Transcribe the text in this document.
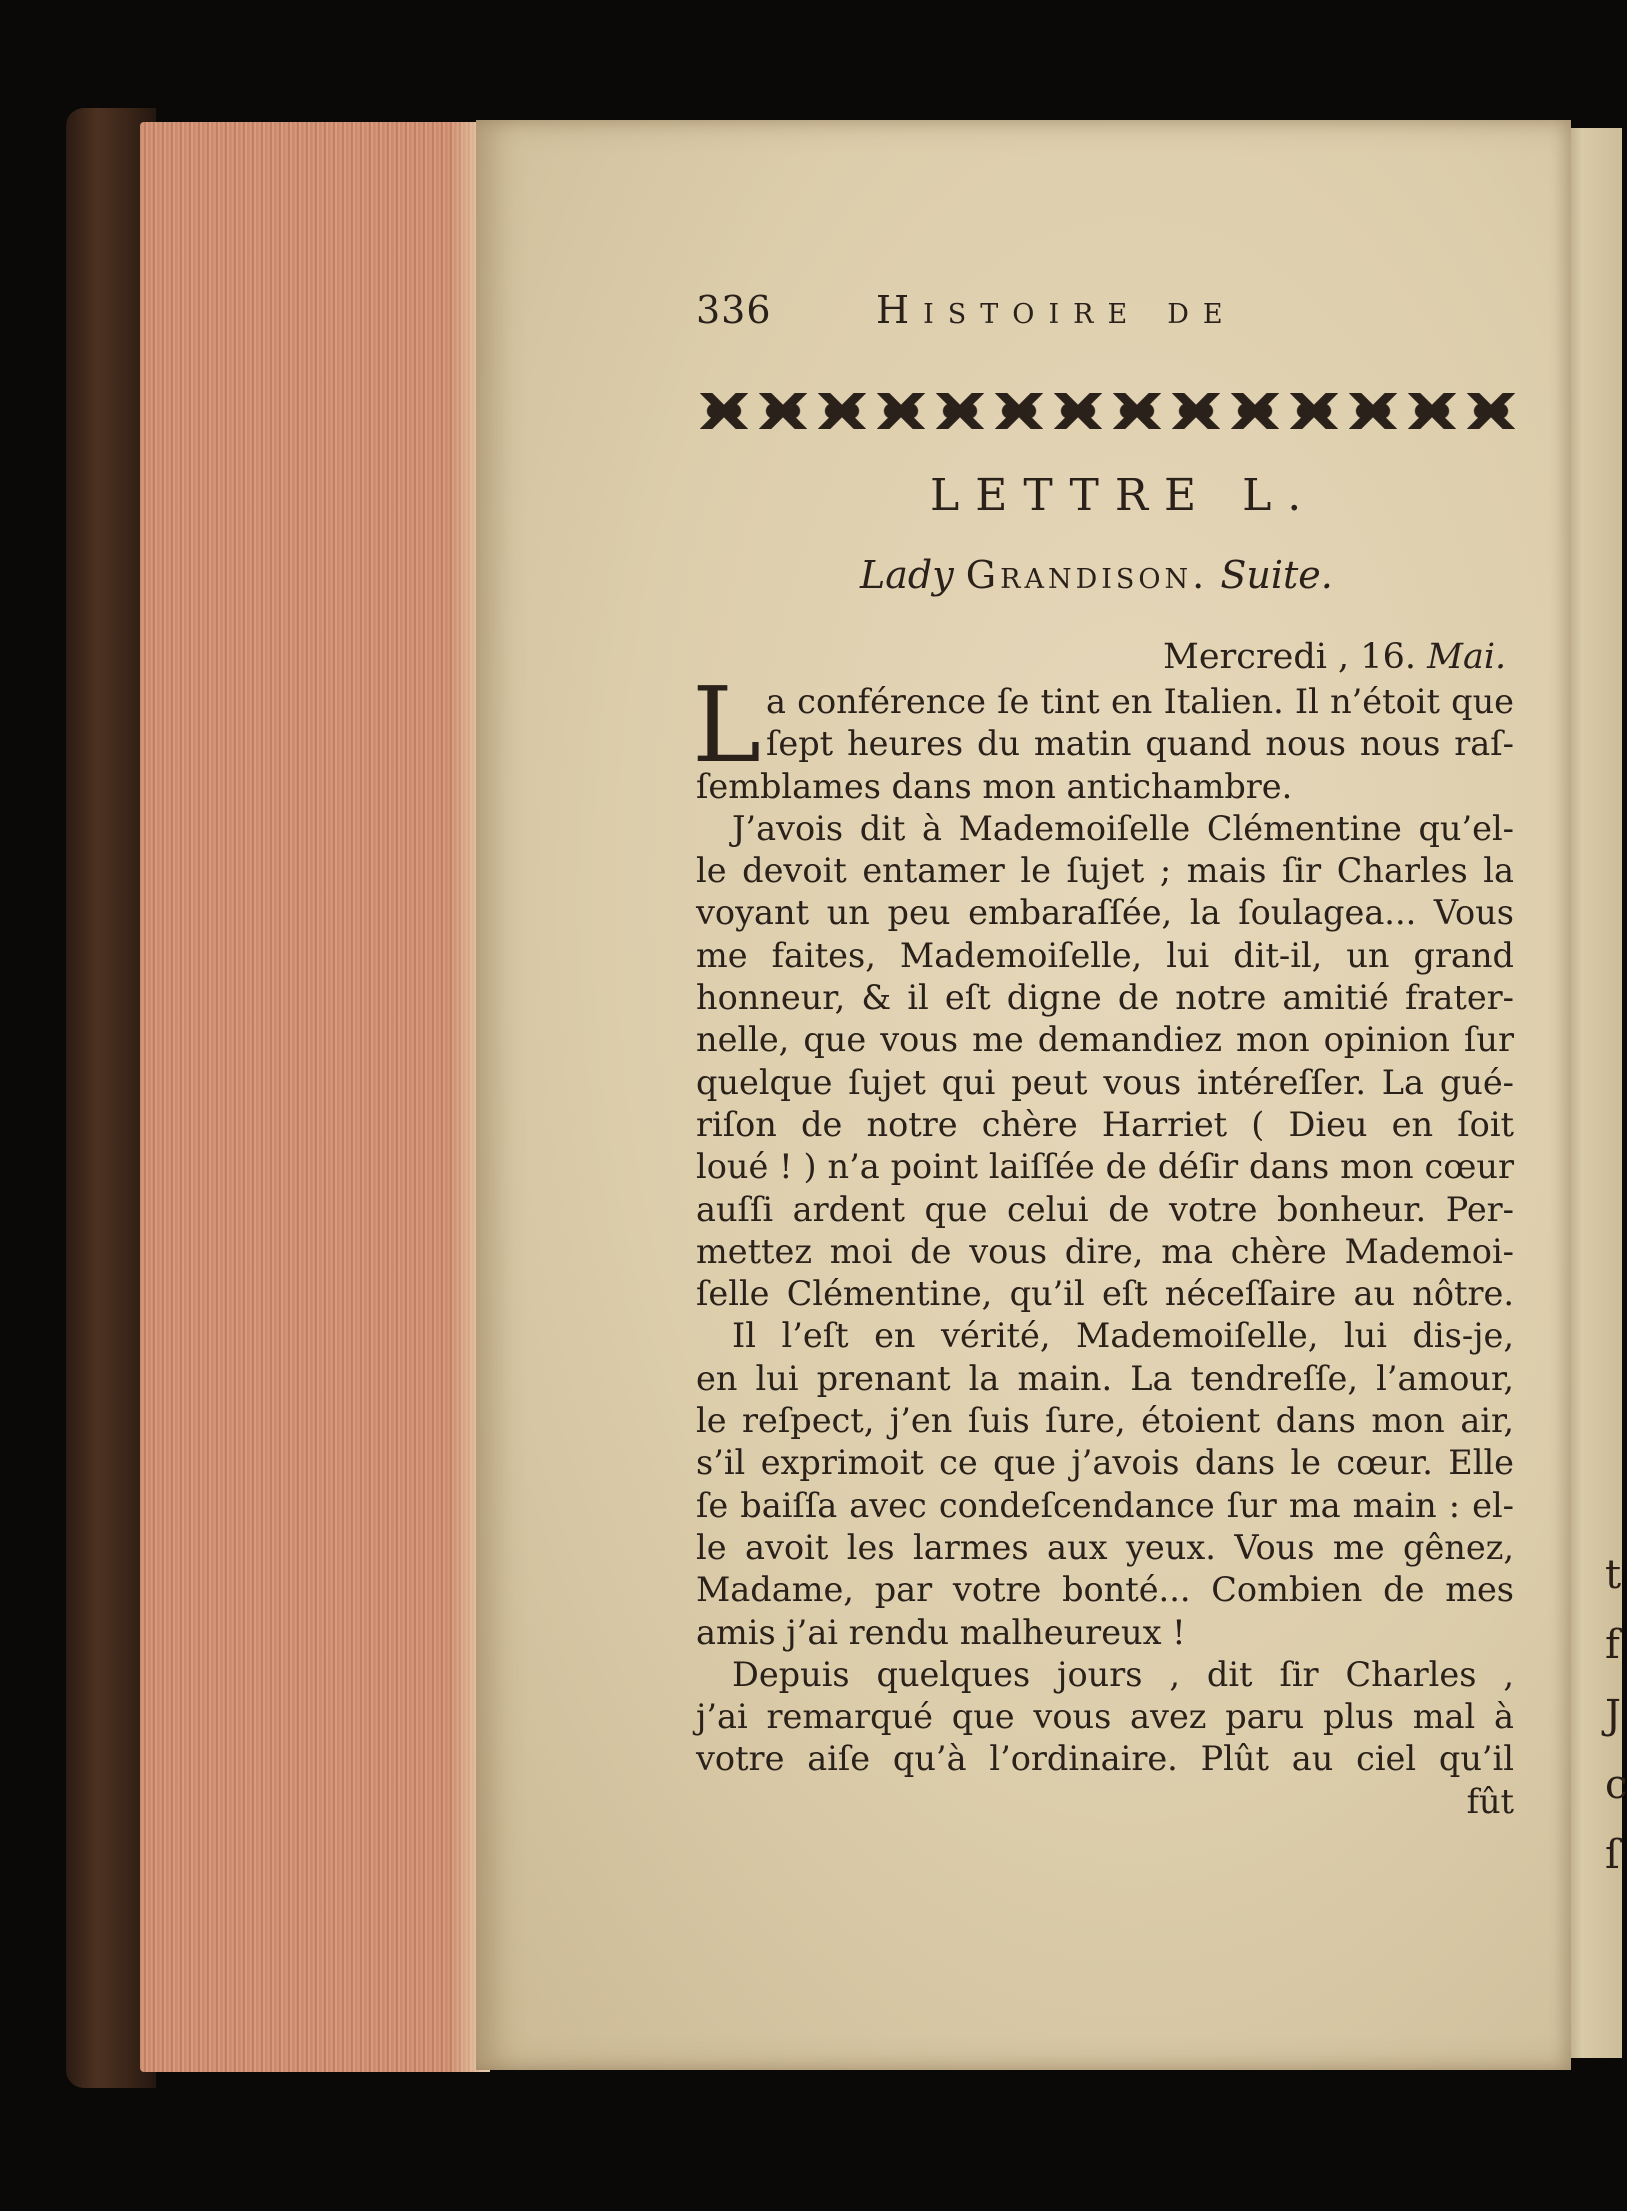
t
f
J
c
ſ
336	Histoire de
LETTRE L.
Lady Grandison. Suite.
Mercredi , 16. Mai.
L a conférence ſe tint en Italien. Il n’étoit que
ſept heures du matin quand nous nous raſ-
ſemblames dans mon antichambre.
J’avois dit à Mademoiſelle Clémentine qu’el-
le devoit entamer le ſujet ; mais ſir Charles la
voyant un peu embaraſſée, la ſoulagea... Vous
me faites, Mademoiſelle, lui dit-il, un grand
honneur, & il eſt digne de notre amitié frater-
nelle, que vous me demandiez mon opinion ſur
quelque ſujet qui peut vous intéreſſer. La gué-
riſon de notre chère Harriet ( Dieu en ſoit
loué ! ) n’a point laiſſée de déſir dans mon cœur
auſſi ardent que celui de votre bonheur. Per-
mettez moi de vous dire, ma chère Mademoi-
ſelle Clémentine, qu’il eſt néceſſaire au nôtre.
Il l’eſt en vérité, Mademoiſelle, lui dis-je,
en lui prenant la main. La tendreſſe, l’amour,
le reſpect, j’en ſuis ſure, étoient dans mon air,
s’il exprimoit ce que j’avois dans le cœur. Elle
ſe baiſſa avec condeſcendance ſur ma main : el-
le avoit les larmes aux yeux. Vous me gênez,
Madame, par votre bonté... Combien de mes
amis j’ai rendu malheureux !
Depuis quelques jours , dit ſir Charles ,
j’ai remarqué que vous avez paru plus mal à
votre aiſe qu’à l’ordinaire. Plût au ciel qu’il
fût
